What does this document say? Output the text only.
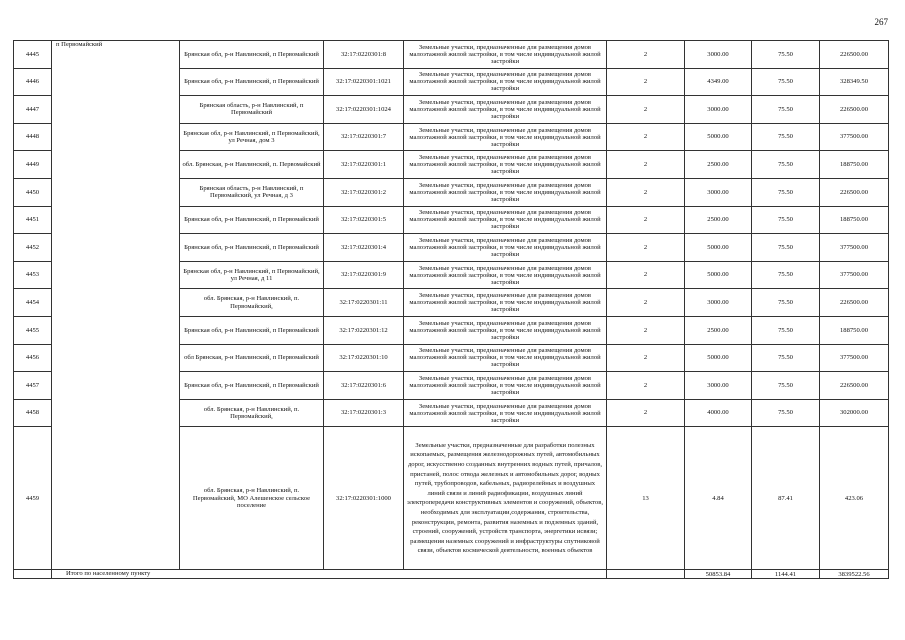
267
4445	п Первомайский	Брянская обл, р-н Навлинский, п Первомайский	32:17:0220301:8	Земельные участки, предназначенные для размещения домов малоэтажной жилой застройки, в том числе индивидуальной жилой застройки	2	3000.00	75.50	226500.00
4446		Брянская обл, р-н Навлинский, п Первомайский	32:17:0220301:1021	Земельные участки, предназначенные для размещения домов малоэтажной жилой застройки, в том числе индивидуальной жилой застройки	2	4349.00	75.50	328349.50
4447		Брянская область, р-н Навлинский, п Первомайский	32:17:0220301:1024	Земельные участки, предназначенные для размещения домов малоэтажной жилой застройки, в том числе индивидуальной жилой застройки	2	3000.00	75.50	226500.00
4448		Брянская обл, р-н Навлинский, п Первомайский, ул Речная, дом 3	32:17:0220301:7	Земельные участки, предназначенные для размещения домов малоэтажной жилой застройки, в том числе индивидуальной жилой застройки	2	5000.00	75.50	377500.00
4449		обл. Брянская, р-н Навлинский, п. Первомайский	32:17:0220301:1	Земельные участки, предназначенные для размещения домов малоэтажной жилой застройки, в том числе индивидуальной жилой застройки	2	2500.00	75.50	188750.00
4450		Брянская область, р-н Навлинский, п Первомайский, ул Речная, д 3	32:17:0220301:2	Земельные участки, предназначенные для размещения домов малоэтажной жилой застройки, в том числе индивидуальной жилой застройки	2	3000.00	75.50	226500.00
4451		Брянская обл, р-н Навлинский, п Первомайский	32:17:0220301:5	Земельные участки, предназначенные для размещения домов малоэтажной жилой застройки, в том числе индивидуальной жилой застройки	2	2500.00	75.50	188750.00
4452		Брянская обл, р-н Навлинский, п Первомайский	32:17:0220301:4	Земельные участки, предназначенные для размещения домов малоэтажной жилой застройки, в том числе индивидуальной жилой застройки	2	5000.00	75.50	377500.00
4453		Брянская обл, р-н Навлинский, п Первомайский, ул Речная, д 11	32:17:0220301:9	Земельные участки, предназначенные для размещения домов малоэтажной жилой застройки, в том числе индивидуальной жилой застройки	2	5000.00	75.50	377500.00
4454		обл. Брянская, р-н Навлинский, п. Первомайский,	32:17:0220301:11	Земельные участки, предназначенные для размещения домов малоэтажной жилой застройки, в том числе индивидуальной жилой застройки	2	3000.00	75.50	226500.00
4455		Брянская обл, р-н Навлинский, п Первомайский	32:17:0220301:12	Земельные участки, предназначенные для размещения домов малоэтажной жилой застройки, в том числе индивидуальной жилой застройки	2	2500.00	75.50	188750.00
4456		обл Брянская, р-н Навлинский, п Первомайский	32:17:0220301:10	Земельные участки, предназначенные для размещения домов малоэтажной жилой застройки, в том числе индивидуальной жилой застройки	2	5000.00	75.50	377500.00
4457		Брянская обл, р-н Навлинский, п Первомайский	32:17:0220301:6	Земельные участки, предназначенные для размещения домов малоэтажной жилой застройки, в том числе индивидуальной жилой застройки	2	3000.00	75.50	226500.00
4458		обл. Брянская, р-н Навлинский, п. Первомайский,	32:17:0220301:3	Земельные участки, предназначенные для размещения домов малоэтажной жилой застройки, в том числе индивидуальной жилой застройки	2	4000.00	75.50	302000.00
4459		обл. Брянская, р-н Навлинский, п. Первомайский, МО Алешенское сельское поселение	32:17:0220301:1000	Земельные участки, предназначенные для разработки полезных ископаемых, размещения железнодорожных путей, автомобильных дорог, искусственно созданных внутренних водных путей, причалов, пристаней, полос отвода железных и автомобильных дорог, водных путей, трубопроводов, кабельных, радиорелейных и воздушных линий связи и линий радиофикации, воздушных линий электропередачи конструктивных элементов и сооружений, объектов, необходимых для эксплуатации,содержания, строительства, реконструкции, ремонта, развития наземных и подземных зданий, строений, сооружений, устройств транспорта, энергетики исвязи; размещения наземных сооружений и инфраструктуры спутниковой связи, объектов космической деятельности, военных объектов	13	4.84	87.41	423.06
	Итого по населенному пункту					50853.84	1144.41	3839522.56
